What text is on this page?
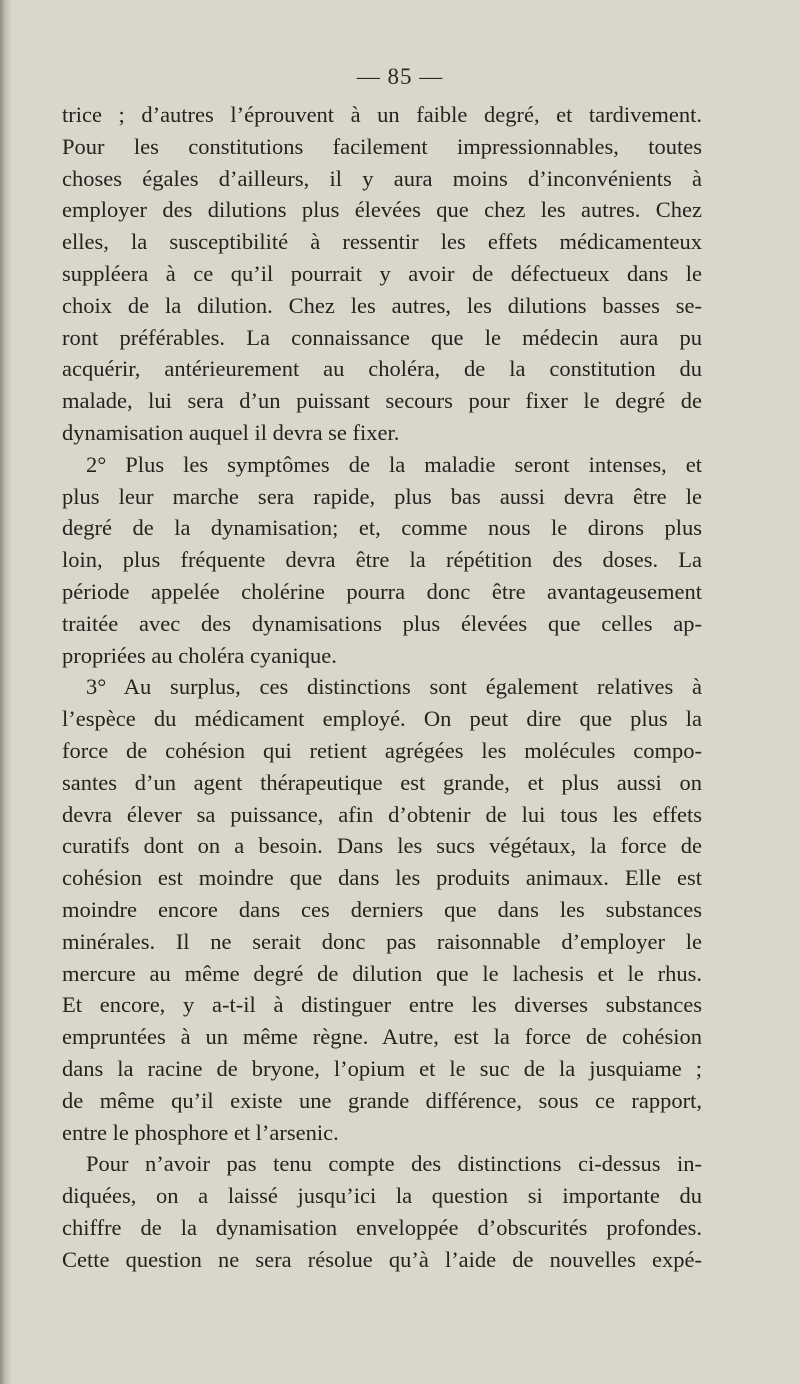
— 85 —
trice ; d’autres l’éprouvent à un faible degré, et tardivement.
Pour les constitutions facilement impressionnables, toutes
choses égales d’ailleurs, il y aura moins d’inconvénients à
employer des dilutions plus élevées que chez les autres. Chez
elles, la susceptibilité à ressentir les effets médicamenteux
suppléera à ce qu’il pourrait y avoir de défectueux dans le
choix de la dilution. Chez les autres, les dilutions basses se-
ront préférables. La connaissance que le médecin aura pu
acquérir, antérieurement au choléra, de la constitution du
malade, lui sera d’un puissant secours pour fixer le degré de
dynamisation auquel il devra se fixer.
2° Plus les symptômes de la maladie seront intenses, et
plus leur marche sera rapide, plus bas aussi devra être le
degré de la dynamisation; et, comme nous le dirons plus
loin, plus fréquente devra être la répétition des doses. La
période appelée cholérine pourra donc être avantageusement
traitée avec des dynamisations plus élevées que celles ap-
propriées au choléra cyanique.
3° Au surplus, ces distinctions sont également relatives à
l’espèce du médicament employé. On peut dire que plus la
force de cohésion qui retient agrégées les molécules compo-
santes d’un agent thérapeutique est grande, et plus aussi on
devra élever sa puissance, afin d’obtenir de lui tous les effets
curatifs dont on a besoin. Dans les sucs végétaux, la force de
cohésion est moindre que dans les produits animaux. Elle est
moindre encore dans ces derniers que dans les substances
minérales. Il ne serait donc pas raisonnable d’employer le
mercure au même degré de dilution que le lachesis et le rhus.
Et encore, y a-t-il à distinguer entre les diverses substances
empruntées à un même règne. Autre, est la force de cohésion
dans la racine de bryone, l’opium et le suc de la jusquiame ;
de même qu’il existe une grande différence, sous ce rapport,
entre le phosphore et l’arsenic.
Pour n’avoir pas tenu compte des distinctions ci-dessus in-
diquées, on a laissé jusqu’ici la question si importante du
chiffre de la dynamisation enveloppée d’obscurités profondes.
Cette question ne sera résolue qu’à l’aide de nouvelles expé-
